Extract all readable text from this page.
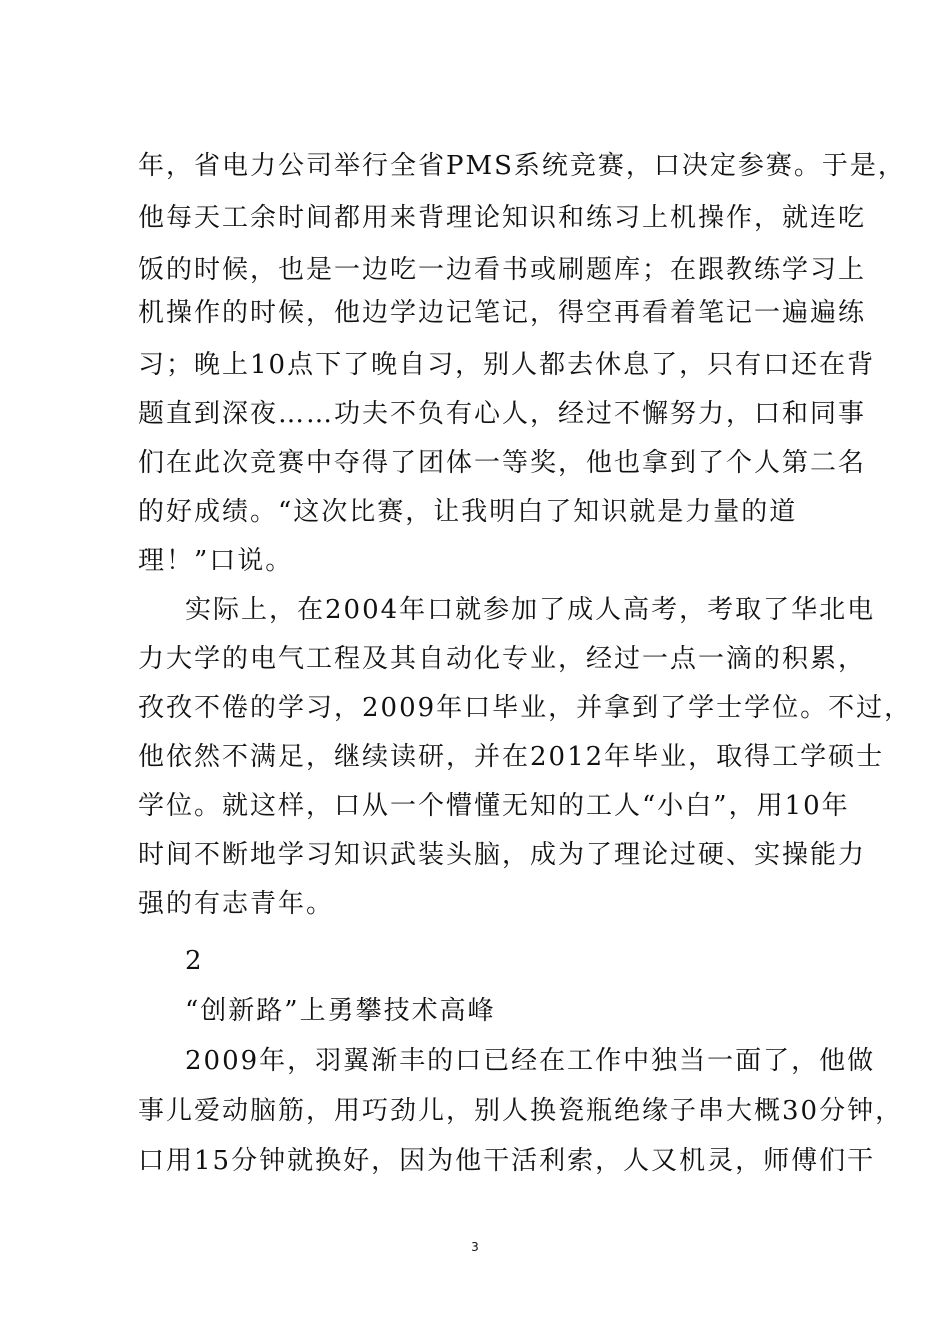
年，省电力公司举行全省PMS系统竞赛，口决定参赛。于是，
他每天工余时间都用来背理论知识和练习上机操作，就连吃
饭的时候，也是一边吃一边看书或刷题库；在跟教练学习上
机操作的时候，他边学边记笔记，得空再看着笔记一遍遍练
习；晚上10点下了晚自习，别人都去休息了，只有口还在背
题直到深夜……功夫不负有心人，经过不懈努力，口和同事
们在此次竞赛中夺得了团体一等奖，他也拿到了个人第二名
的好成绩。“这次比赛，让我明白了知识就是力量的道
理！”口说。
实际上，在2004年口就参加了成人高考，考取了华北电
力大学的电气工程及其自动化专业，经过一点一滴的积累，
孜孜不倦的学习，2009年口毕业，并拿到了学士学位。不过，
他依然不满足，继续读研，并在2012年毕业，取得工学硕士
学位。就这样，口从一个懵懂无知的工人“小白”，用10年
时间不断地学习知识武装头脑，成为了理论过硬、实操能力
强的有志青年。
2
“创新路”上勇攀技术高峰
2009年，羽翼渐丰的口已经在工作中独当一面了，他做
事儿爱动脑筋，用巧劲儿，别人换瓷瓶绝缘子串大概30分钟，
口用15分钟就换好，因为他干活利索，人又机灵，师傅们干
3
